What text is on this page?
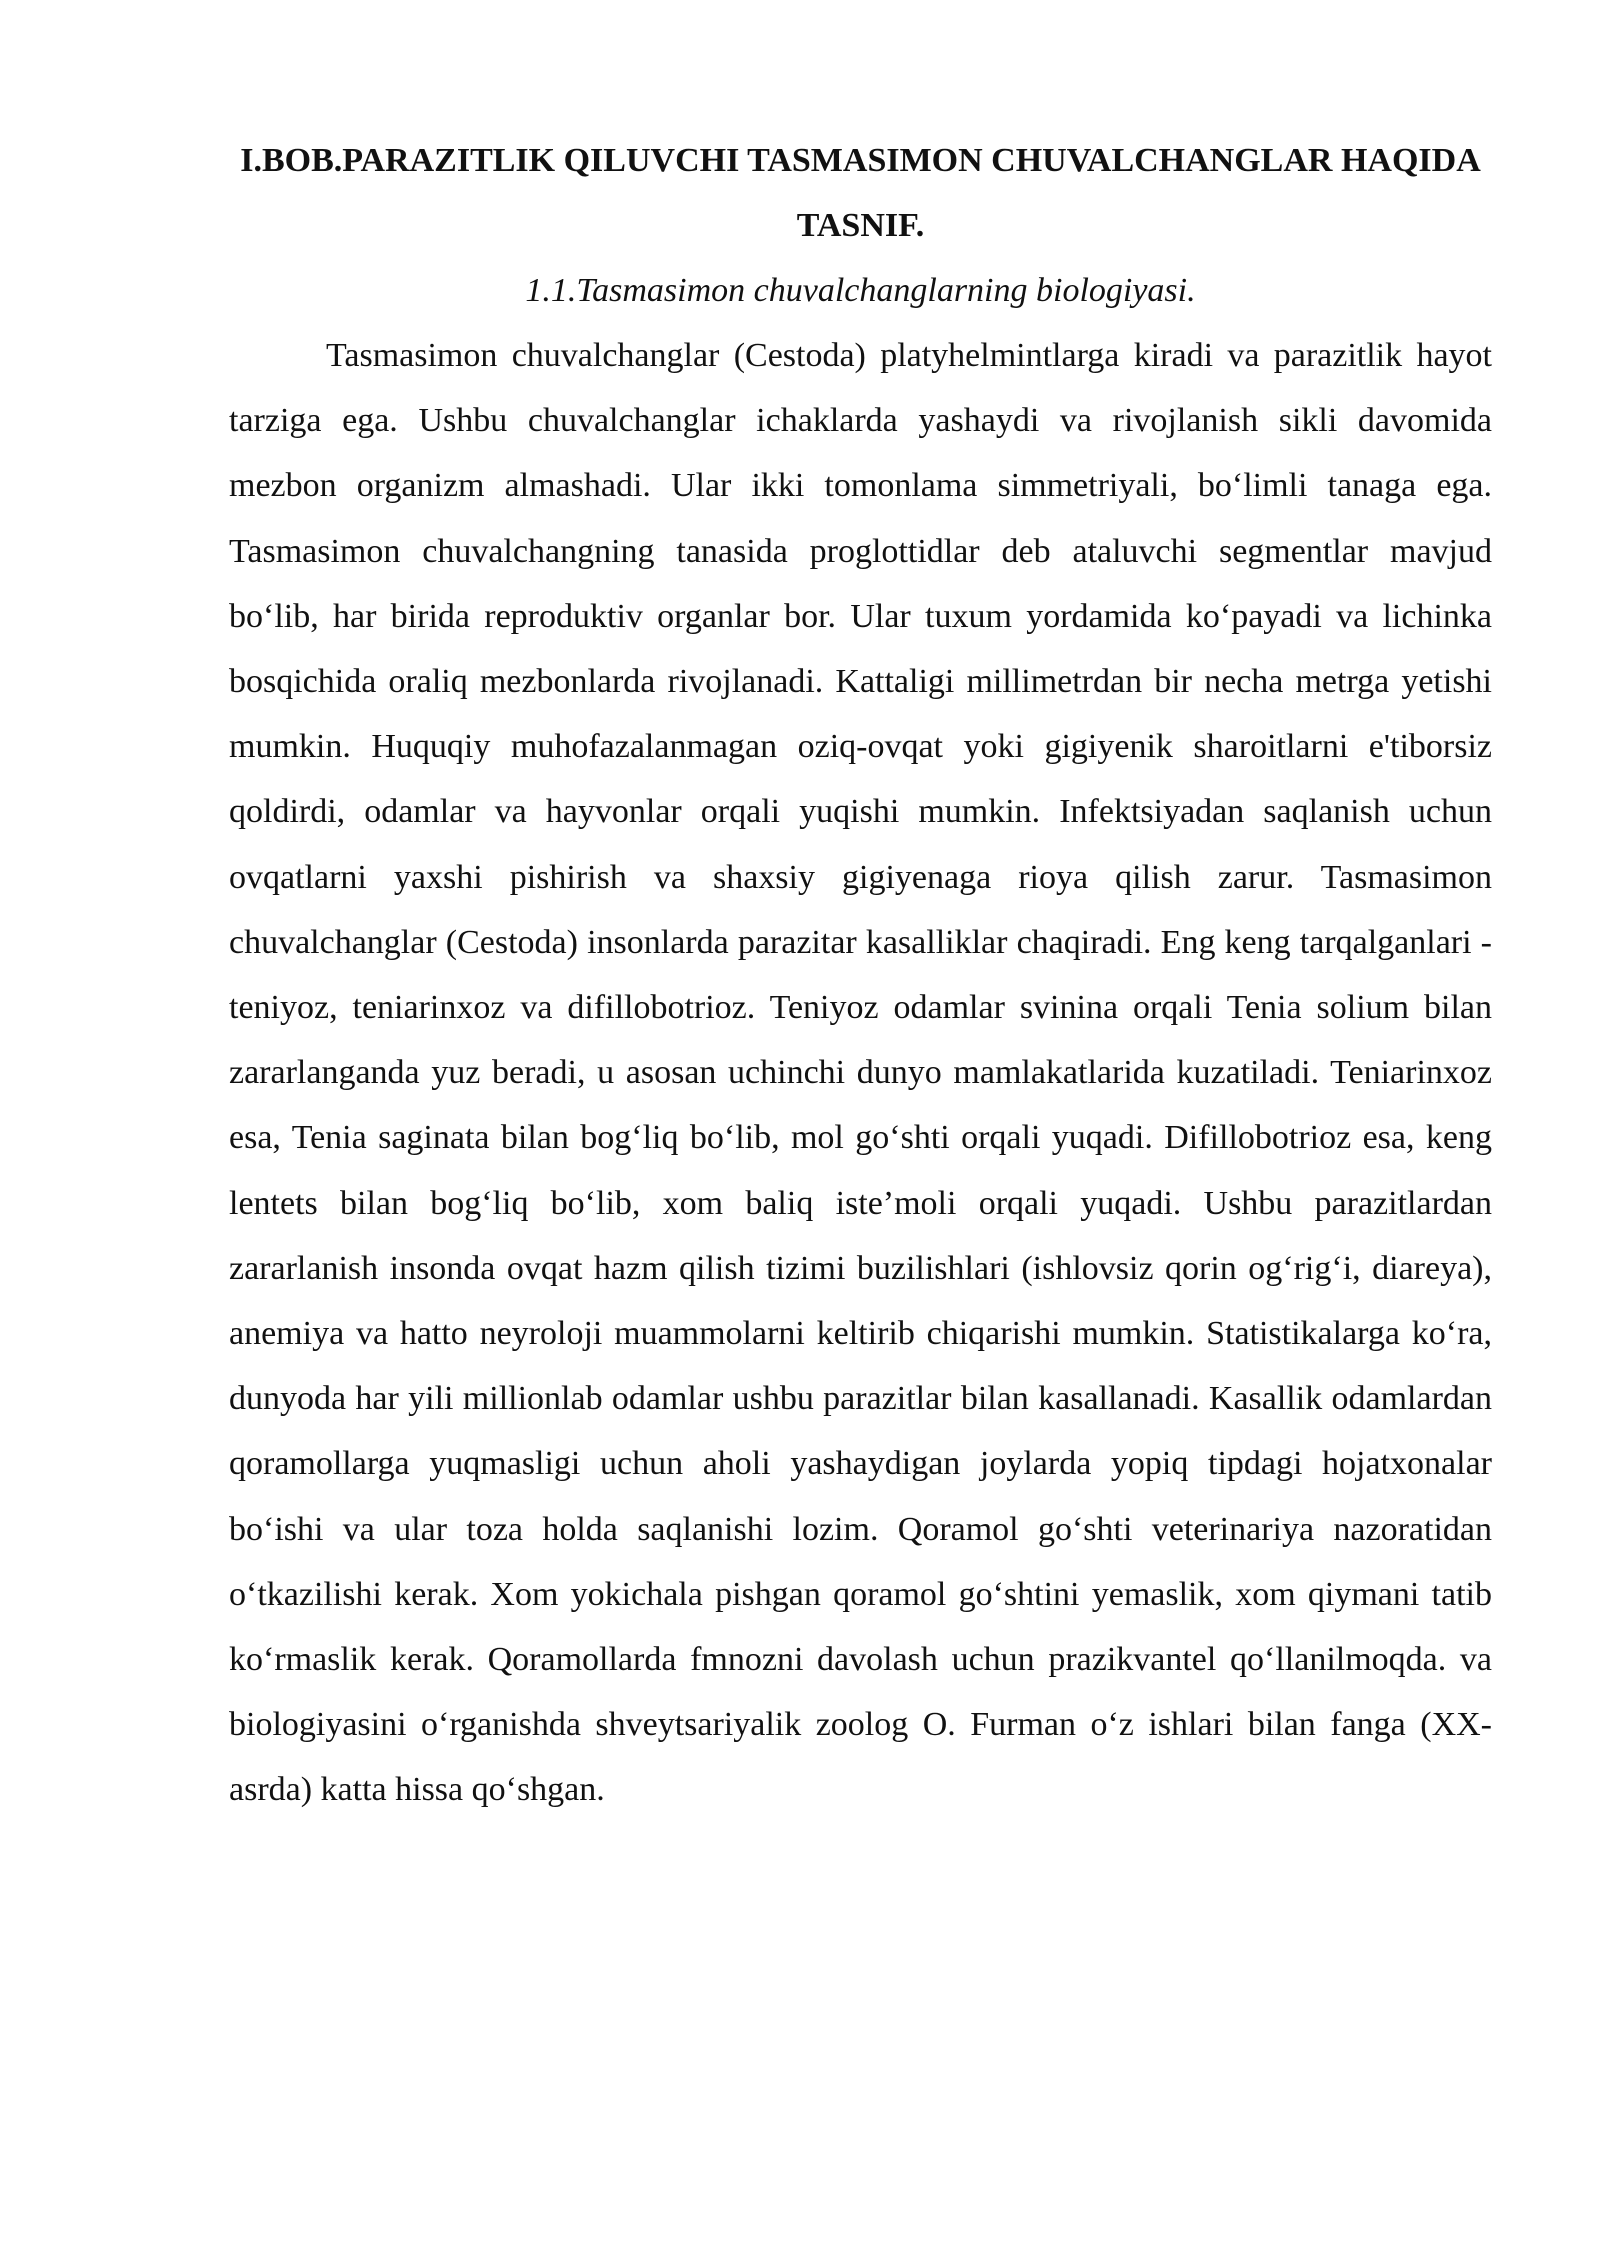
I.BOB.PARAZITLIK QILUVCHI TASMASIMON CHUVALCHANGLAR HAQIDA TASNIF.
1.1.Tasmasimon chuvalchanglarning biologiyasi.

Tasmasimon chuvalchanglar (Cestoda) platyhelmintlarga kiradi va parazitlik hayot tarziga ega. Ushbu chuvalchanglar ichaklarda yashaydi va rivojlanish sikli davomida mezbon organizm almashadi. Ular ikki tomonlama simmetriyali, bo‘limli tanaga ega. Tasmasimon chuvalchangning tanasida proglottidlar deb ataluvchi segmentlar mavjud bo‘lib, har birida reproduktiv organlar bor. Ular tuxum yordamida ko‘payadi va lichinka bosqichida oraliq mezbonlarda rivojlanadi. Kattaligi millimetrdan bir necha metrga yetishi mumkin. Huquqiy muhofazalanmagan oziq-ovqat yoki gigiyenik sharoitlarni e'tiborsiz qoldirdi, odamlar va hayvonlar orqali yuqishi mumkin. Infektsiyadan saqlanish uchun ovqatlarni yaxshi pishirish va shaxsiy gigiyenaga rioya qilish zarur. Tasmasimon chuvalchanglar (Cestoda) insonlarda parazitar kasalliklar chaqiradi. Eng keng tarqalganlari - teniyoz, teniarinxoz va difillobotrioz. Teniyoz odamlar svinina orqali Tenia solium bilan zararlanganda yuz beradi, u asosan uchinchi dunyo mamlakatlarida kuzatiladi. Teniarinxoz esa, Tenia saginata bilan bog‘liq bo‘lib, mol go‘shti orqali yuqadi. Difillobotrioz esa, keng lentets bilan bog‘liq bo‘lib, xom baliq iste’moli orqali yuqadi. Ushbu parazitlardan zararlanish insonda ovqat hazm qilish tizimi buzilishlari (ishlovsiz qorin og‘rig‘i, diareya), anemiya va hatto neyroloji muammolarni keltirib chiqarishi mumkin. Statistikalarga ko‘ra, dunyoda har yili millionlab odamlar ushbu parazitlar bilan kasallanadi. Kasallik odamlardan qoramollarga yuqmasligi uchun aholi yashaydigan joylarda yopiq tipdagi hojatxonalar bo‘ishi va ular toza holda saqlanishi lozim. Qoramol go‘shti veterinariya nazoratidan o‘tkazilishi kerak. Xom yokichala pishgan qoramol go‘shtini yemaslik, xom qiymani tatib ko‘rmaslik kerak. Qoramollarda fmnozni davolash uchun prazikvantel qo‘llanilmoqda. va biologiyasini o‘rganishda shveytsariyalik zoolog O. Furman o‘z ishlari bilan fanga (XX-asrda) katta hissa qo‘shgan.
